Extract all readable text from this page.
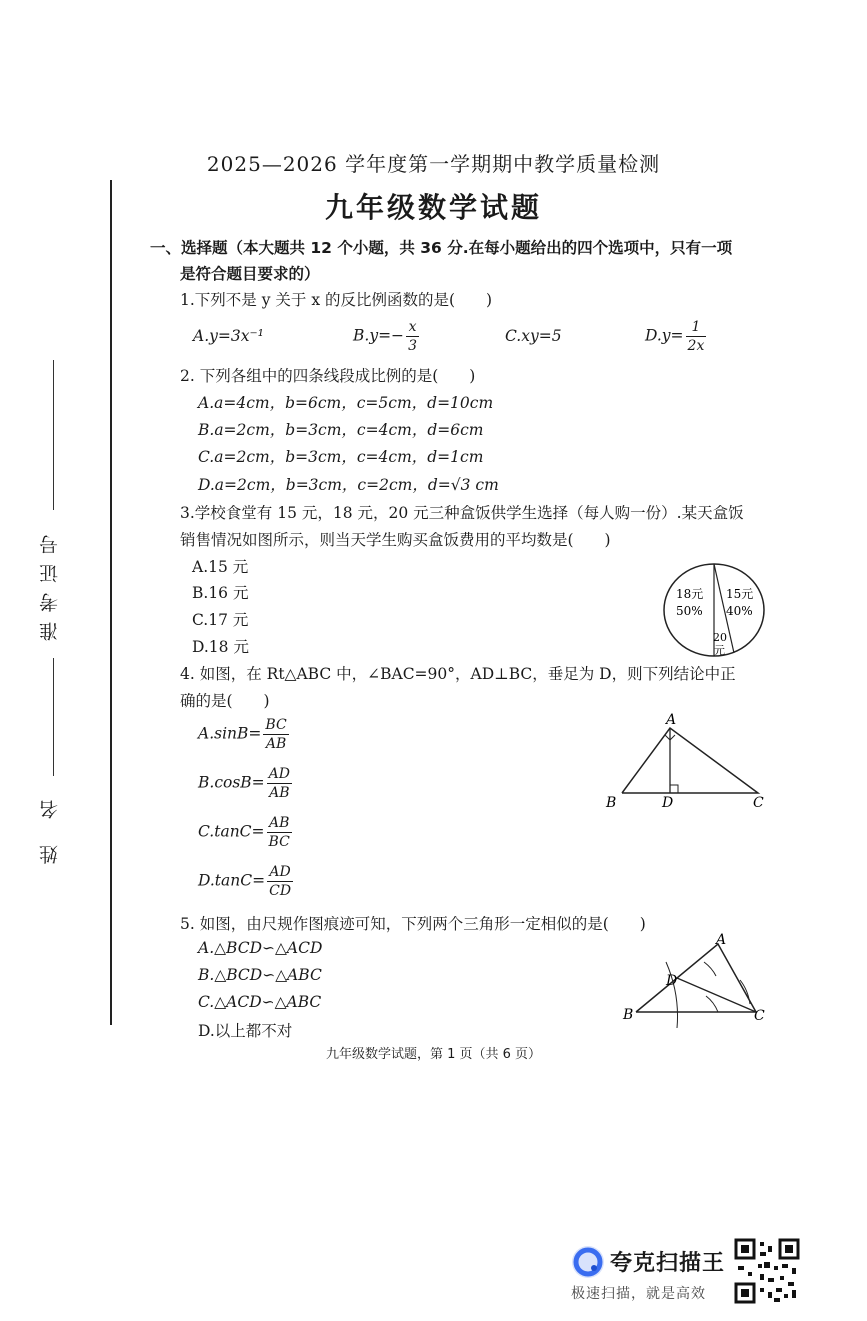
2025—2026 学年度第一学期期中教学质量检测
九年级数学试题
准考证号
姓 名
一、选择题（本大题共 12 个小题，共 36 分.在每小题给出的四个选项中，只有一项
是符合题目要求的）
1.下列不是 y 关于 x 的反比例函数的是(　　)
A.y=3x⁻¹	$B.y=- \frac{x}{3}$	C.xy=5	$D.y= \frac{1}{2x}$
2. 下列各组中的四条线段成比例的是(　　)
A.a=4cm，b=6cm，c=5cm，d=10cm
B.a=2cm，b=3cm，c=4cm，d=6cm
C.a=2cm，b=3cm，c=4cm，d=1cm
D.a=2cm，b=3cm，c=2cm，d=√3 cm
3.学校食堂有 15 元，18 元，20 元三种盒饭供学生选择（每人购一份）.某天盒饭
销售情况如图所示，则当天学生购买盒饭费用的平均数是(　　)
A.15 元
B.16 元
C.17 元
D.18 元
18元
50%
15元
40%
20
元
4. 如图，在 Rt△ABC 中，∠BAC=90°，AD⊥BC，垂足为 D，则下列结论中正
确的是(　　)
$A.\sin B= \frac{BC}{AB}$
$B.\cos B= \frac{AD}{AB}$
$C.\tan C= \frac{AB}{BC}$
$D.\tan C= \frac{AD}{CD}$
A
B	D	C
5. 如图，由尺规作图痕迹可知，下列两个三角形一定相似的是(　　)
A.△BCD∽△ACD
B.△BCD∽△ABC
C.△ACD∽△ABC
D.以上都不对
A
B
D
C
九年级数学试题，第 1 页（共 6 页）
夸克扫描王
极速扫描，就是高效
